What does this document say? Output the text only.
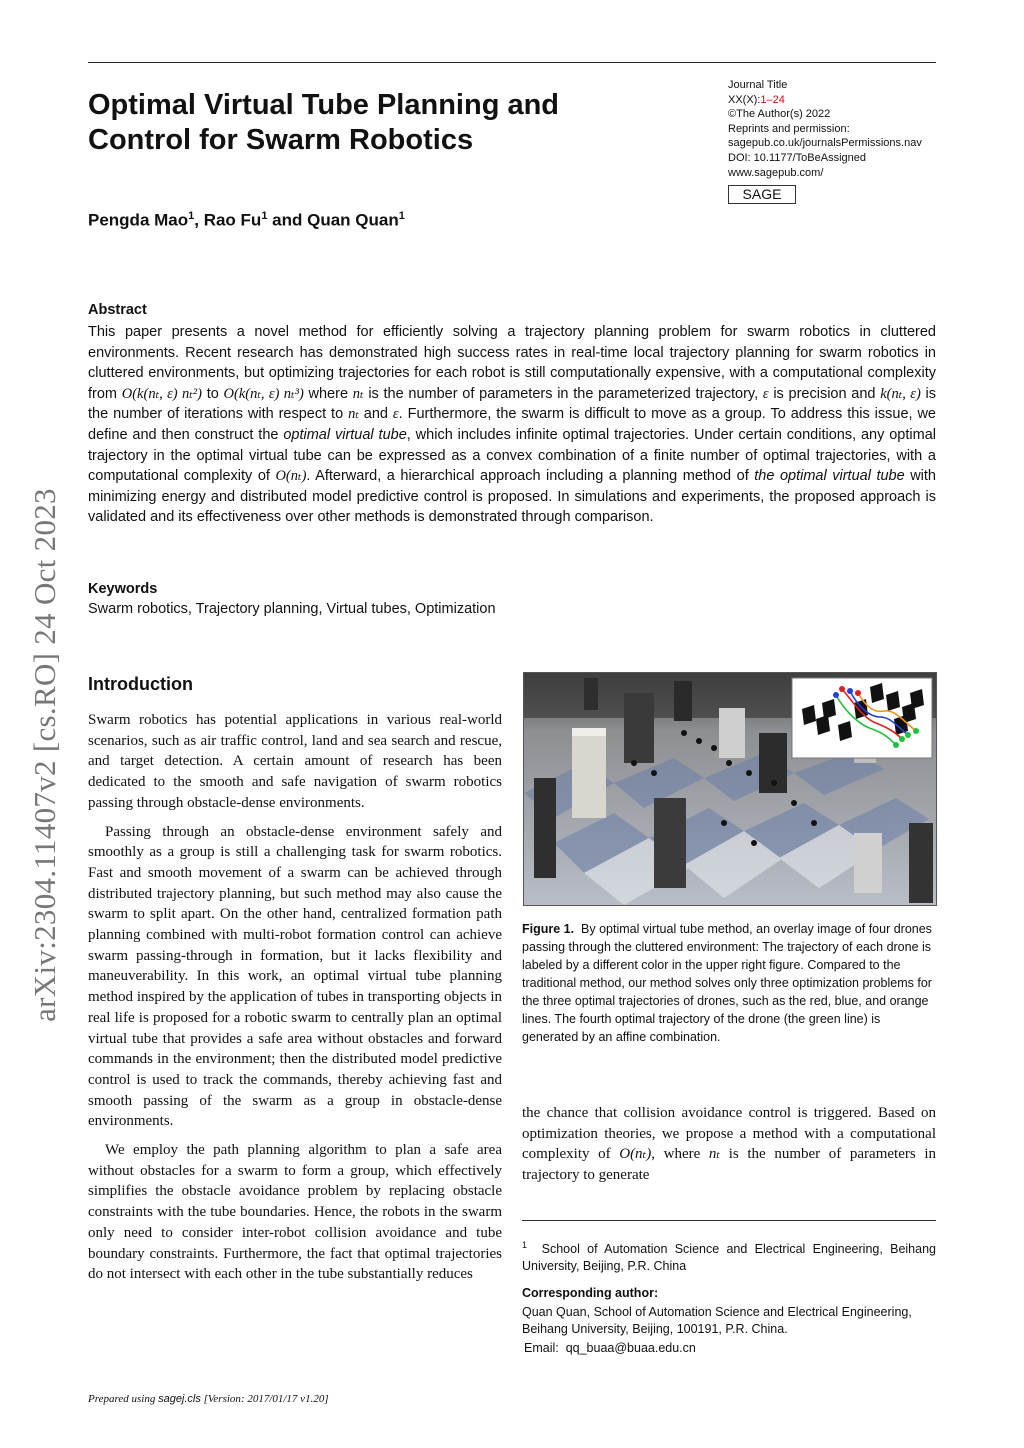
arXiv:2304.11407v2 [cs.RO] 24 Oct 2023
Optimal Virtual Tube Planning and Control for Swarm Robotics
Journal Title
XX(X):1–24
©The Author(s) 2022
Reprints and permission:
sagepub.co.uk/journalsPermissions.nav
DOI: 10.1177/ToBeAssigned
www.sagepub.com/
SAGE
Pengda Mao$^1$, Rao Fu$^1$ and Quan Quan$^1$
Abstract

This paper presents a novel method for efficiently solving a trajectory planning problem for swarm robotics in cluttered environments. Recent research has demonstrated high success rates in real-time local trajectory planning for swarm robotics in cluttered environments, but optimizing trajectories for each robot is still computationally expensive, with a computational complexity from O(k(nₜ, ε) nₜ²) to O(k(nₜ, ε) nₜ³) where nₜ is the number of parameters in the parameterized trajectory, ε is precision and k(nₜ, ε) is the number of iterations with respect to nₜ and ε. Furthermore, the swarm is difficult to move as a group. To address this issue, we define and then construct the optimal virtual tube, which includes infinite optimal trajectories. Under certain conditions, any optimal trajectory in the optimal virtual tube can be expressed as a convex combination of a finite number of optimal trajectories, with a computational complexity of O(nₜ). Afterward, a hierarchical approach including a planning method of the optimal virtual tube with minimizing energy and distributed model predictive control is proposed. In simulations and experiments, the proposed approach is validated and its effectiveness over other methods is demonstrated through comparison.

Keywords
Swarm robotics, Trajectory planning, Virtual tubes, Optimization
Introduction

Swarm robotics has potential applications in various real-world scenarios, such as air traffic control, land and sea search and rescue, and target detection. A certain amount of research has been dedicated to the smooth and safe navigation of swarm robotics passing through obstacle-dense environments.

Passing through an obstacle-dense environment safely and smoothly as a group is still a challenging task for swarm robotics. Fast and smooth movement of a swarm can be achieved through distributed trajectory planning, but such method may also cause the swarm to split apart. On the other hand, centralized formation path planning combined with multi-robot formation control can achieve swarm passing-through in formation, but it lacks flexibility and maneuverability. In this work, an optimal virtual tube planning method inspired by the application of tubes in transporting objects in real life is proposed for a robotic swarm to centrally plan an optimal virtual tube that provides a safe area without obstacles and forward commands in the environment; then the distributed model predictive control is used to track the commands, thereby achieving fast and smooth passing of the swarm as a group in obstacle-dense environments.

We employ the path planning algorithm to plan a safe area without obstacles for a swarm to form a group, which effectively simplifies the obstacle avoidance problem by replacing obstacle constraints with the tube boundaries. Hence, the robots in the swarm only need to consider inter-robot collision avoidance and tube boundary constraints. Furthermore, the fact that optimal trajectories do not intersect with each other in the tube substantially reduces

Figure 1. By optimal virtual tube method, an overlay image of four drones passing through the cluttered environment: The trajectory of each drone is labeled by a different color in the upper right figure. Compared to the traditional method, our method solves only three optimization problems for the three optimal trajectories of drones, such as the red, blue, and orange lines. The fourth optimal trajectory of the drone (the green line) is generated by an affine combination.

the chance that collision avoidance control is triggered. Based on optimization theories, we propose a method with a computational complexity of O(nₜ), where nₜ is the number of parameters in trajectory to generate

$^1$ School of Automation Science and Electrical Engineering, Beihang University, Beijing, P.R. China
Corresponding author:
Quan Quan, School of Automation Science and Electrical Engineering, Beihang University, Beijing, 100191, P.R. China.
Email: qq_buaa@buaa.edu.cn
Prepared using sagej.cls [Version: 2017/01/17 v1.20]
